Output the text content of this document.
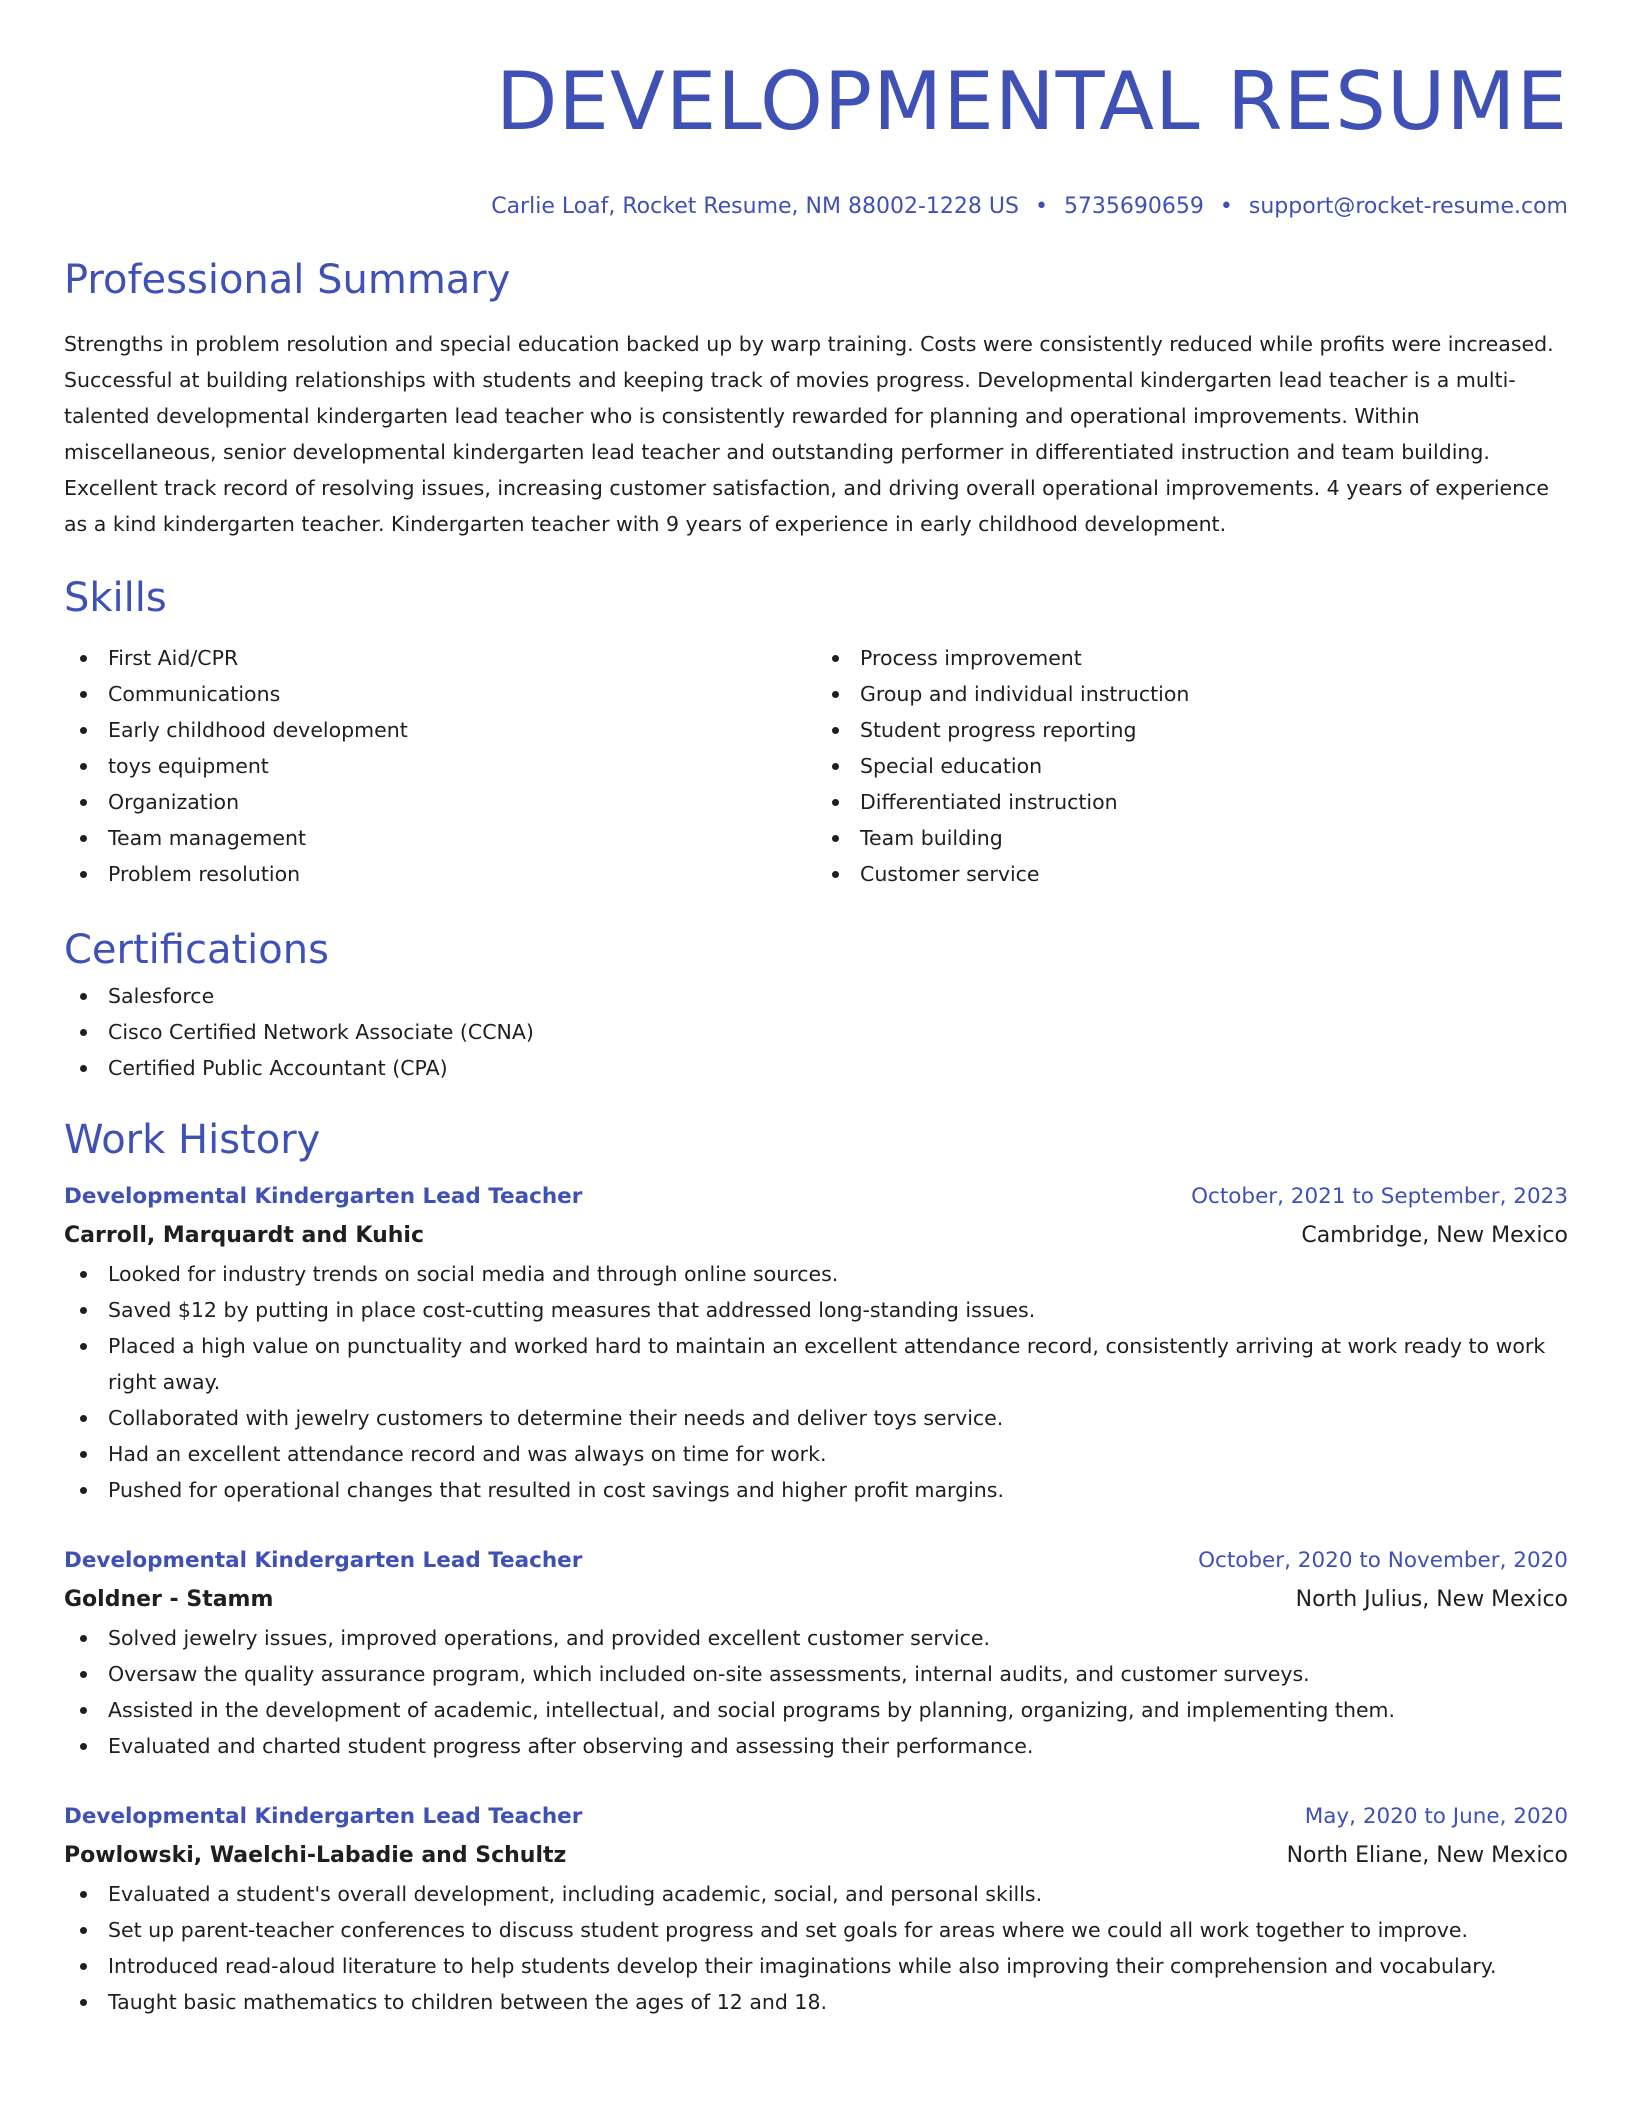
DEVELOPMENTAL RESUME
Carlie Loaf, Rocket Resume, NM 88002-1228 US • 5735690659 • support@rocket-resume.com
Professional Summary
Strengths in problem resolution and special education backed up by warp training. Costs were consistently reduced while profits were increased. Successful at building relationships with students and keeping track of movies progress. Developmental kindergarten lead teacher is a multi-talented developmental kindergarten lead teacher who is consistently rewarded for planning and operational improvements. Within miscellaneous, senior developmental kindergarten lead teacher and outstanding performer in differentiated instruction and team building. Excellent track record of resolving issues, increasing customer satisfaction, and driving overall operational improvements. 4 years of experience as a kind kindergarten teacher. Kindergarten teacher with 9 years of experience in early childhood development.
Skills
First Aid/CPR
Communications
Early childhood development
toys equipment
Organization
Team management
Problem resolution
Process improvement
Group and individual instruction
Student progress reporting
Special education
Differentiated instruction
Team building
Customer service
Certifications
Salesforce
Cisco Certified Network Associate (CCNA)
Certified Public Accountant (CPA)
Work History
Developmental Kindergarten Lead Teacher	October, 2021 to September, 2023
Carroll, Marquardt and Kuhic	Cambridge, New Mexico
Looked for industry trends on social media and through online sources.
Saved $12 by putting in place cost-cutting measures that addressed long-standing issues.
Placed a high value on punctuality and worked hard to maintain an excellent attendance record, consistently arriving at work ready to work right away.
Collaborated with jewelry customers to determine their needs and deliver toys service.
Had an excellent attendance record and was always on time for work.
Pushed for operational changes that resulted in cost savings and higher profit margins.
Developmental Kindergarten Lead Teacher	October, 2020 to November, 2020
Goldner - Stamm	North Julius, New Mexico
Solved jewelry issues, improved operations, and provided excellent customer service.
Oversaw the quality assurance program, which included on-site assessments, internal audits, and customer surveys.
Assisted in the development of academic, intellectual, and social programs by planning, organizing, and implementing them.
Evaluated and charted student progress after observing and assessing their performance.
Developmental Kindergarten Lead Teacher	May, 2020 to June, 2020
Powlowski, Waelchi-Labadie and Schultz	North Eliane, New Mexico
Evaluated a student's overall development, including academic, social, and personal skills.
Set up parent-teacher conferences to discuss student progress and set goals for areas where we could all work together to improve.
Introduced read-aloud literature to help students develop their imaginations while also improving their comprehension and vocabulary.
Taught basic mathematics to children between the ages of 12 and 18.
